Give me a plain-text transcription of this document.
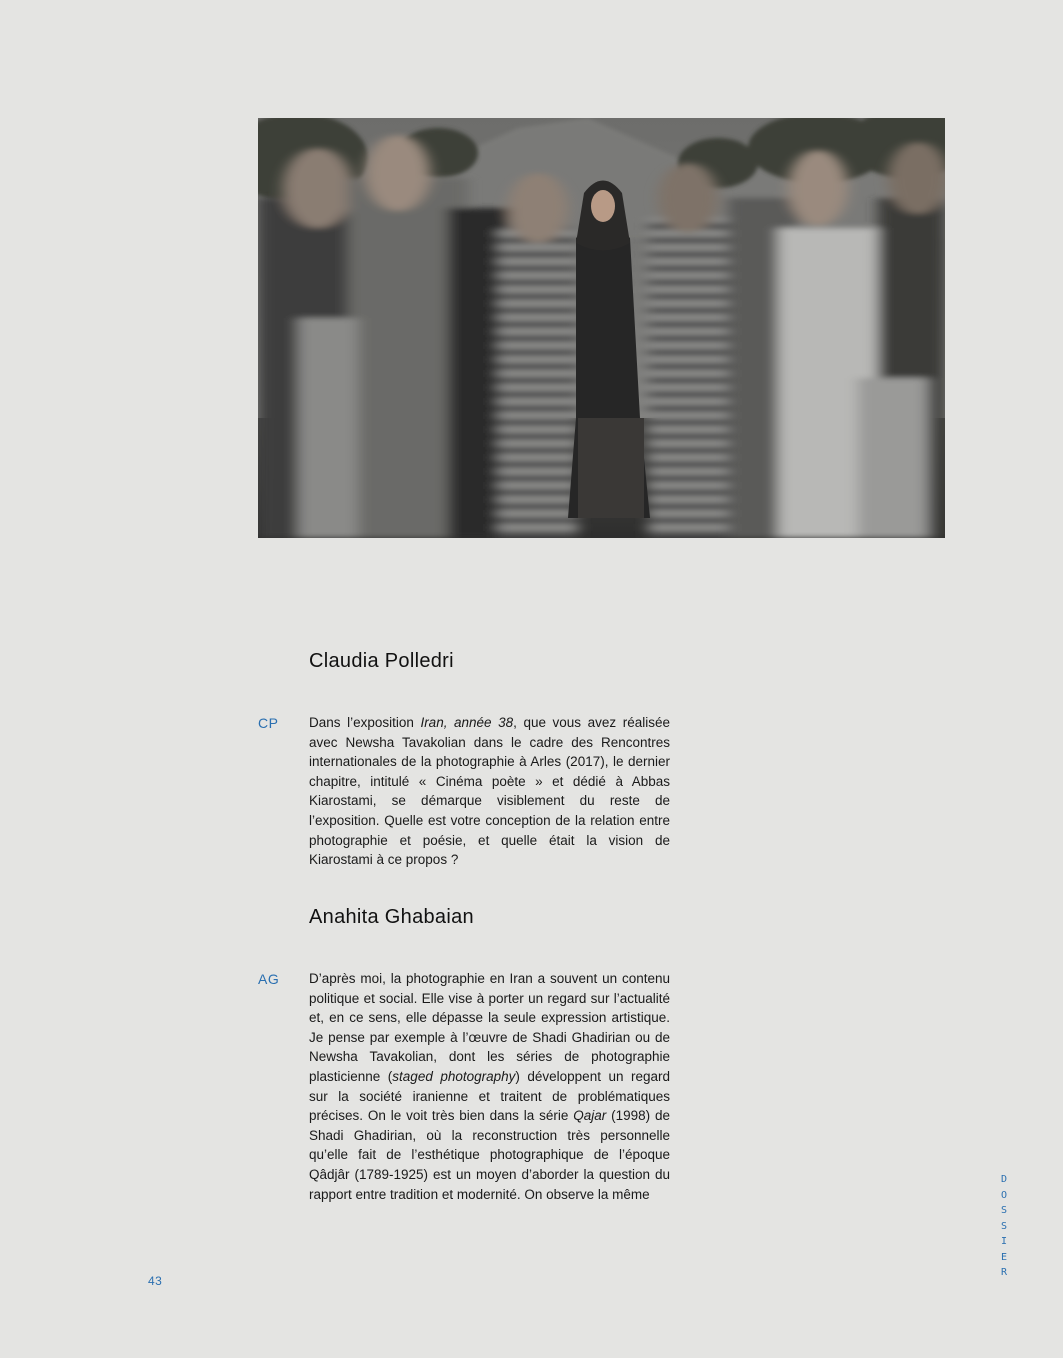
Claudia Polledri
CP Dans l’exposition Iran, année 38, que vous avez réalisée avec Newsha Tavakolian dans le cadre des Rencontres internationales de la photographie à Arles (2017), le dernier chapitre, intitulé « Cinéma poète » et dédié à Abbas Kiarostami, se démarque visiblement du reste de l’exposition. Quelle est votre conception de la relation entre photographie et poésie, et quelle était la vision de Kiarostami à ce propos ?

Anahita Ghabaian
AG D’après moi, la photographie en Iran a souvent un contenu politique et social. Elle vise à porter un regard sur l’actualité et, en ce sens, elle dépasse la seule expression artistique. Je pense par exemple à l’œuvre de Shadi Ghadirian ou de Newsha Tavakolian, dont les séries de photographie plasticienne (staged photography) développent un regard sur la société iranienne et traitent de problématiques précises. On le voit très bien dans la série Qajar (1998) de Shadi Ghadirian, où la reconstruction très personnelle qu’elle fait de l’esthétique photographique de l’époque Qâdjâr (1789-1925) est un moyen d’aborder la question du rapport entre tradition et modernité. On observe la même

43
D
O
S
S
I
E
R
